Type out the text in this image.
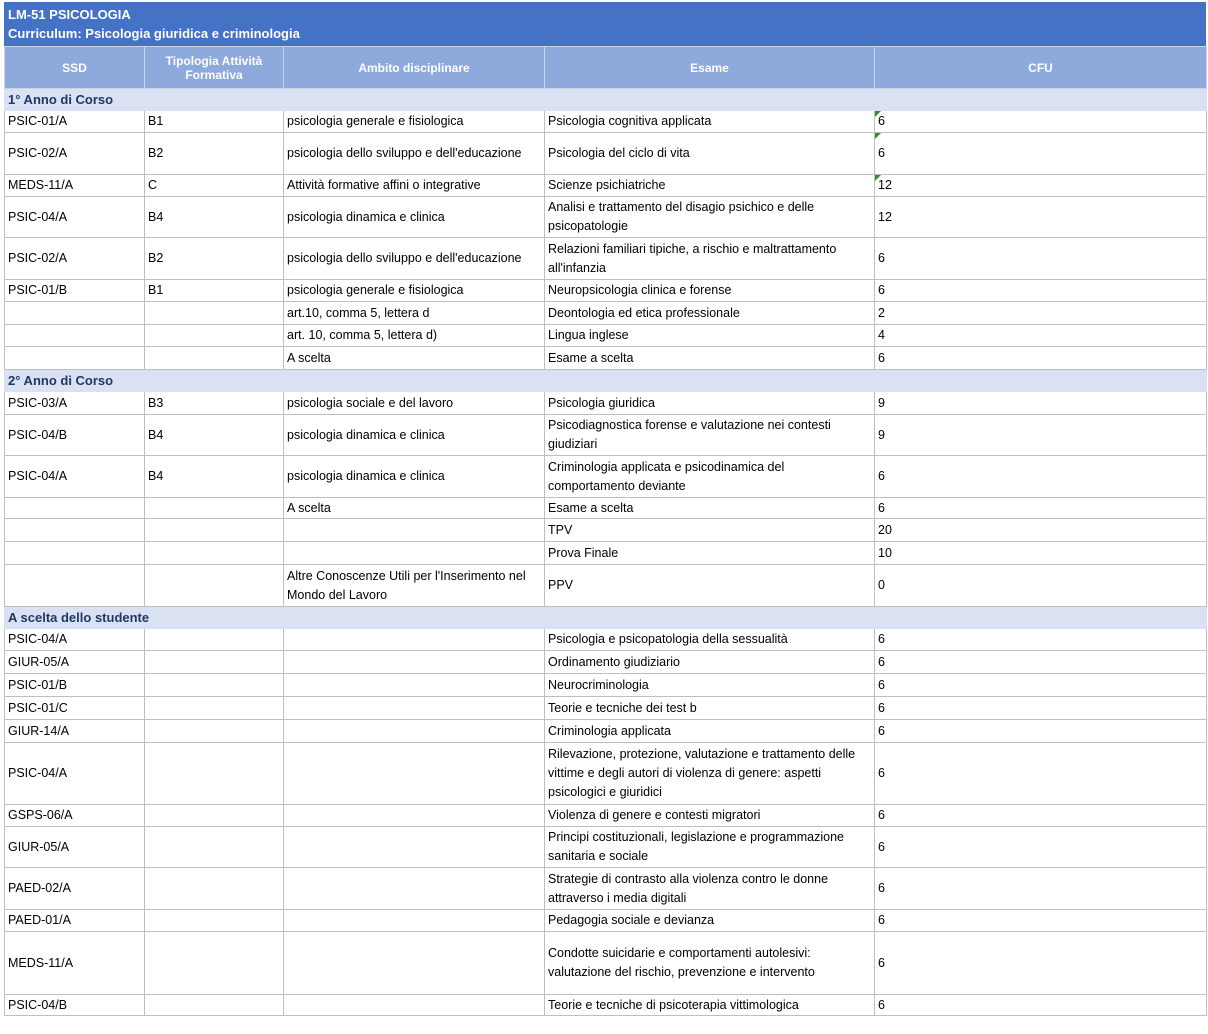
LM-51 PSICOLOGIA
Curriculum: Psicologia giuridica e criminologia
SSD	Tipologia Attività Formativa	Ambito disciplinare	Esame	CFU
1° Anno di Corso				
PSIC-01/A	B1	psicologia generale e fisiologica	Psicologia cognitiva applicata	6
PSIC-02/A	B2	psicologia dello sviluppo e dell'educazione	Psicologia del ciclo di vita	6
MEDS-11/A	C	Attività formative affini o integrative	Scienze psichiatriche	12
PSIC-04/A	B4	psicologia dinamica e clinica	Analisi e trattamento del disagio psichico e delle psicopatologie	12
PSIC-02/A	B2	psicologia dello sviluppo e dell'educazione	Relazioni familiari tipiche, a rischio e maltrattamento all'infanzia	6
PSIC-01/B	B1	psicologia generale e fisiologica	Neuropsicologia clinica e forense	6
		art.10, comma 5, lettera d	Deontologia ed etica professionale	2
		art. 10, comma 5, lettera d)	Lingua inglese	4
		A scelta	Esame a scelta	6
2° Anno di Corso				
PSIC-03/A	B3	psicologia sociale e del lavoro	Psicologia giuridica	9
PSIC-04/B	B4	psicologia dinamica e clinica	Psicodiagnostica forense e valutazione nei contesti giudiziari	9
PSIC-04/A	B4	psicologia dinamica e clinica	Criminologia applicata e psicodinamica del comportamento deviante	6
		A scelta	Esame a scelta	6
			TPV	20
			Prova Finale	10
		Altre Conoscenze Utili per l'Inserimento nel Mondo del Lavoro	PPV	0
A scelta dello studente				
PSIC-04/A			Psicologia e psicopatologia della sessualità	6
GIUR-05/A			Ordinamento giudiziario	6
PSIC-01/B			Neurocriminologia	6
PSIC-01/C			Teorie e tecniche dei test b	6
GIUR-14/A			Criminologia applicata	6
PSIC-04/A			Rilevazione, protezione, valutazione e trattamento delle vittime e degli autori di violenza di genere: aspetti psicologici e giuridici	6
GSPS-06/A			Violenza di genere e contesti migratori	6
GIUR-05/A			Principi costituzionali, legislazione e programmazione sanitaria e sociale	6
PAED-02/A			Strategie di contrasto alla violenza contro le donne attraverso i media digitali	6
PAED-01/A			Pedagogia sociale e devianza	6
MEDS-11/A			Condotte suicidarie e comportamenti autolesivi: valutazione del rischio, prevenzione e intervento	6
PSIC-04/B			Teorie e tecniche di psicoterapia vittimologica	6
